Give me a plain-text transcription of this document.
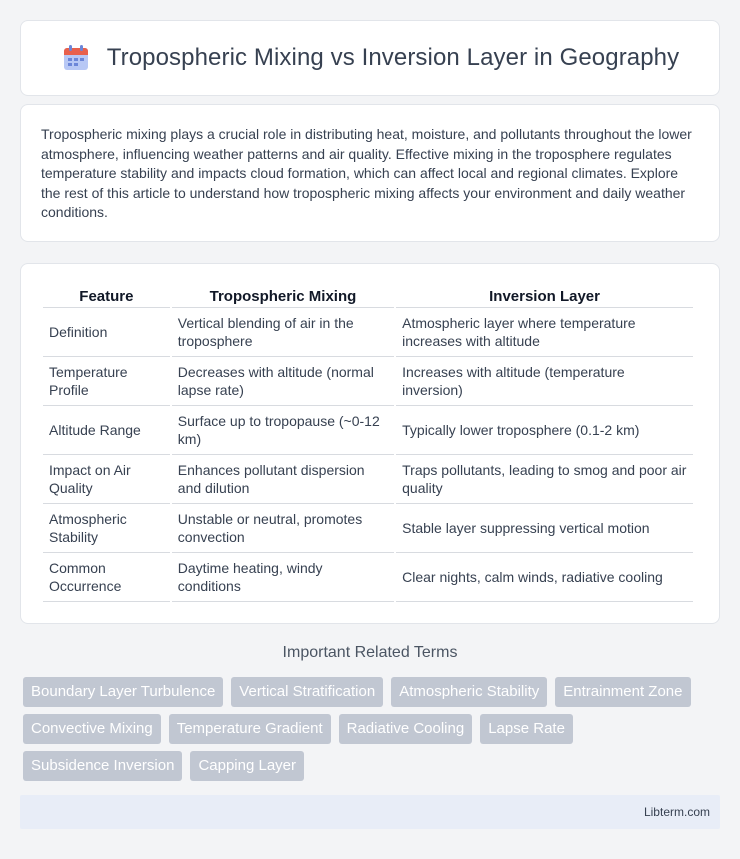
Tropospheric Mixing vs Inversion Layer in Geography

Tropospheric mixing plays a crucial role in distributing heat, moisture, and pollutants throughout the lower atmosphere, influencing weather patterns and air quality. Effective mixing in the troposphere regulates temperature stability and impacts cloud formation, which can affect local and regional climates. Explore the rest of this article to understand how tropospheric mixing affects your environment and daily weather conditions.

Feature	Tropospheric Mixing	Inversion Layer
Definition	Vertical blending of air in the troposphere	Atmospheric layer where temperature increases with altitude
Temperature Profile	Decreases with altitude (normal lapse rate)	Increases with altitude (temperature inversion)
Altitude Range	Surface up to tropopause (~0-12 km)	Typically lower troposphere (0.1-2 km)
Impact on Air Quality	Enhances pollutant dispersion and dilution	Traps pollutants, leading to smog and poor air quality
Atmospheric Stability	Unstable or neutral, promotes convection	Stable layer suppressing vertical motion
Common Occurrence	Daytime heating, windy conditions	Clear nights, calm winds, radiative cooling
Important Related Terms
Boundary Layer Turbulence	Vertical Stratification	Atmospheric Stability	Entrainment Zone
Convective Mixing	Temperature Gradient	Radiative Cooling	Lapse Rate
Subsidence Inversion	Capping Layer
Libterm.com
